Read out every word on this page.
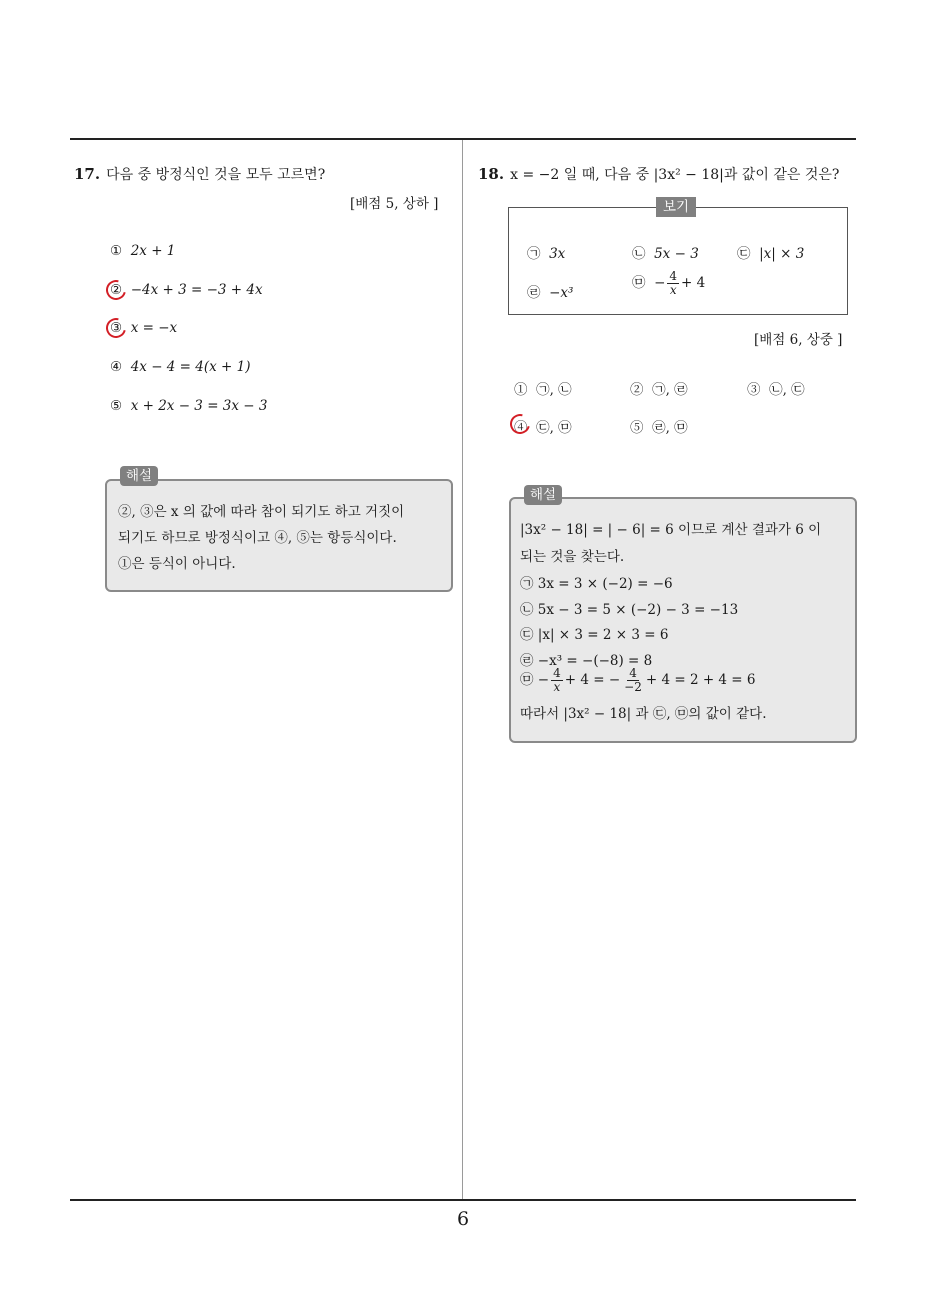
6
17. 다음 중 방정식인 것을 모두 고르면?
[배점 5, 상하 ]
① 2x + 1
② −4x + 3 = −3 + 4x
③ x = −x
④ 4x − 4 = 4(x + 1)
⑤ x + 2x − 3 = 3x − 3
해설
②, ③은 x 의 값에 따라 참이 되기도 하고 거짓이
되기도 하므로 방정식이고 ④, ⑤는 항등식이다.
①은 등식이 아니다.
18. x = −2 일 때, 다음 중 |3x² − 18|과 값이 같은 것은?
보기
㉠ 3x	㉡ 5x − 3	㉢ |x| × 3
㉣ −x³
㉤ − $\frac{4}{x} + 4$
[배점 6, 상중 ]
① ㉠, ㉡	② ㉠, ㉣	③ ㉡, ㉢
④ ㉢, ㉤	⑤ ㉣, ㉤
해설
|3x² − 18| = | − 6| = 6 이므로 계산 결과가 6 이
되는 것을 찾는다.
㉠ 3x = 3 × (−2) = −6
㉡ 5x − 3 = 5 × (−2) − 3 = −13
㉢ |x| × 3 = 2 × 3 = 6
㉣ −x³ = −(−8) = 8
㉤ − $\frac{4}{x} + 4$ = − $\frac{4}{-2} + 4 = 2 + 4 = 6$
따라서 |3x² − 18| 과 ㉢, ㉤의 값이 같다.
